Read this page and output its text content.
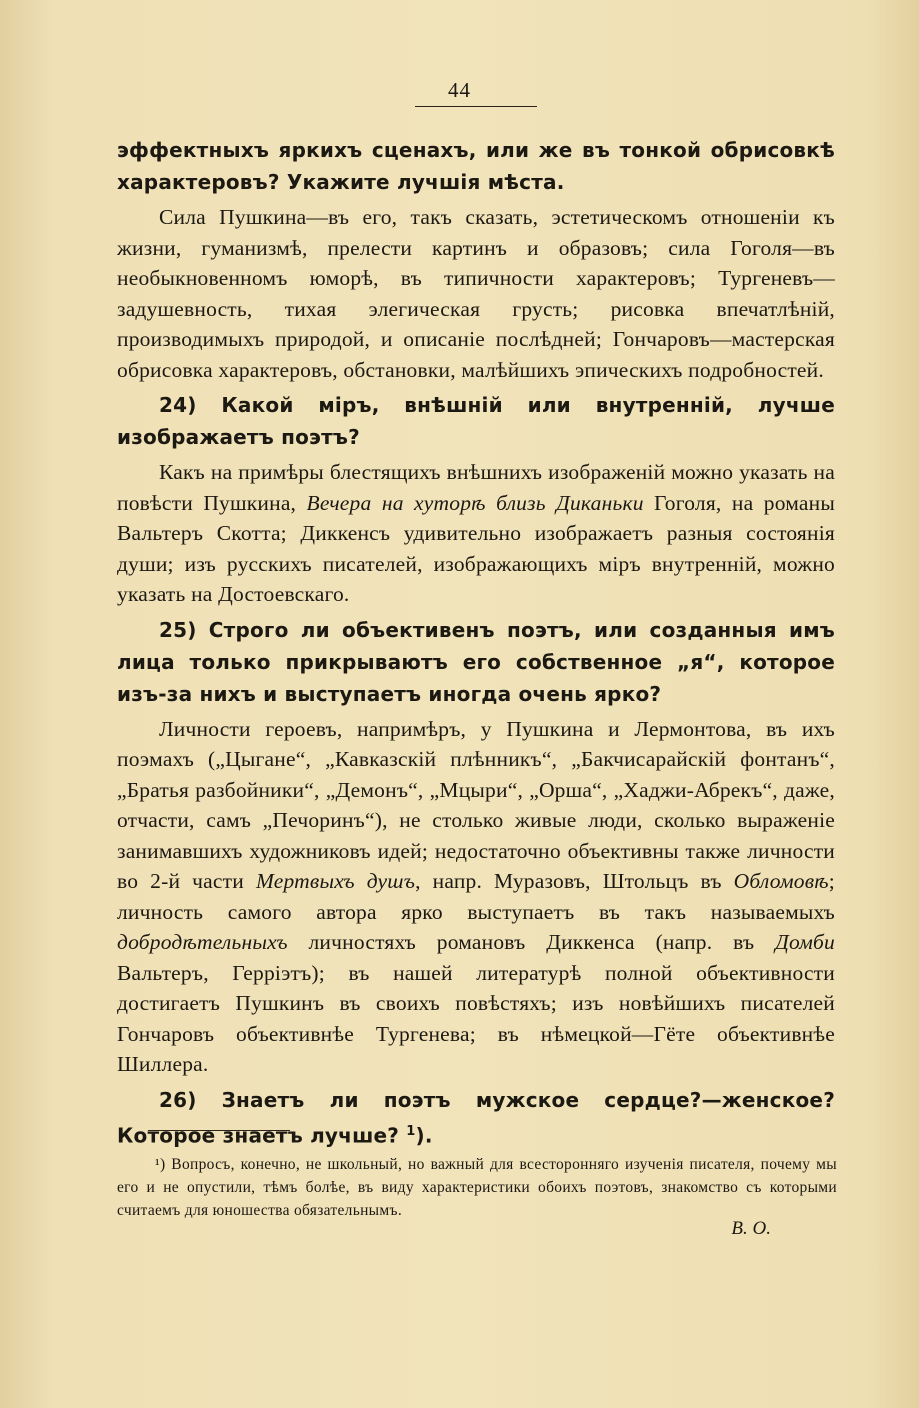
44

эффектныхъ яркихъ сценахъ, или же въ тонкой обрисовкѣ характеровъ? Укажите лучшія мѣста.

Сила Пушкина—въ его, такъ сказать, эстетическомъ отношеніи къ жизни, гуманизмѣ, прелести картинъ и образовъ; сила Гоголя—въ необыкновенномъ юморѣ, въ типичности характеровъ; Тургеневъ—задушевность, тихая элегическая грусть; рисовка впечатлѣній, производимыхъ природой, и описаніе послѣдней; Гончаровъ—мастерская обрисовка характеровъ, обстановки, малѣйшихъ эпическихъ подробностей.

24) Какой міръ, внѣшній или внутренній, лучше изображаетъ поэтъ?

Какъ на примѣры блестящихъ внѣшнихъ изображеній можно указать на повѣсти Пушкина, Вечера на хуторѣ близь Диканьки Гоголя, на романы Вальтеръ Скотта; Диккенсъ удивительно изображаетъ разныя состоянія души; изъ русскихъ писателей, изображающихъ міръ внутренній, можно указать на Достоевскаго.

25) Строго ли объективенъ поэтъ, или созданныя имъ лица только прикрываютъ его собственное „я“, которое изъ-за нихъ и выступаетъ иногда очень ярко?

Личности героевъ, напримѣръ, у Пушкина и Лермонтова, въ ихъ поэмахъ („Цыгане“, „Кавказскій плѣнникъ“, „Бакчисарайскій фонтанъ“, „Братья разбойники“, „Демонъ“, „Мцыри“, „Орша“, „Хаджи-Абрекъ“, даже, отчасти, самъ „Печоринъ“), не столько живые люди, сколько выраженіе занимавшихъ художниковъ идей; недостаточно объективны также личности во 2-й части Мертвыхъ душъ, напр. Муразовъ, Штольцъ въ Обломовѣ; личность самого автора ярко выступаетъ въ такъ называемыхъ добродѣтельныхъ личностяхъ романовъ Диккенса (напр. въ Домби Вальтеръ, Герріэтъ); въ нашей литературѣ полной объективности достигаетъ Пушкинъ въ своихъ повѣстяхъ; изъ новѣйшихъ писателей Гончаровъ объективнѣе Тургенева; въ нѣмецкой—Гёте объективнѣе Шиллера.

26) Знаетъ ли поэтъ мужское сердце?—женское? Которое знаетъ лучше? $^1$).

¹) Вопросъ, конечно, не школьный, но важный для всесторонняго изученія писателя, почему мы его и не опустили, тѣмъ болѣе, въ виду характеристики обоихъ поэтовъ, знакомство съ которыми считаемъ для юношества обязательнымъ.

В. О.
